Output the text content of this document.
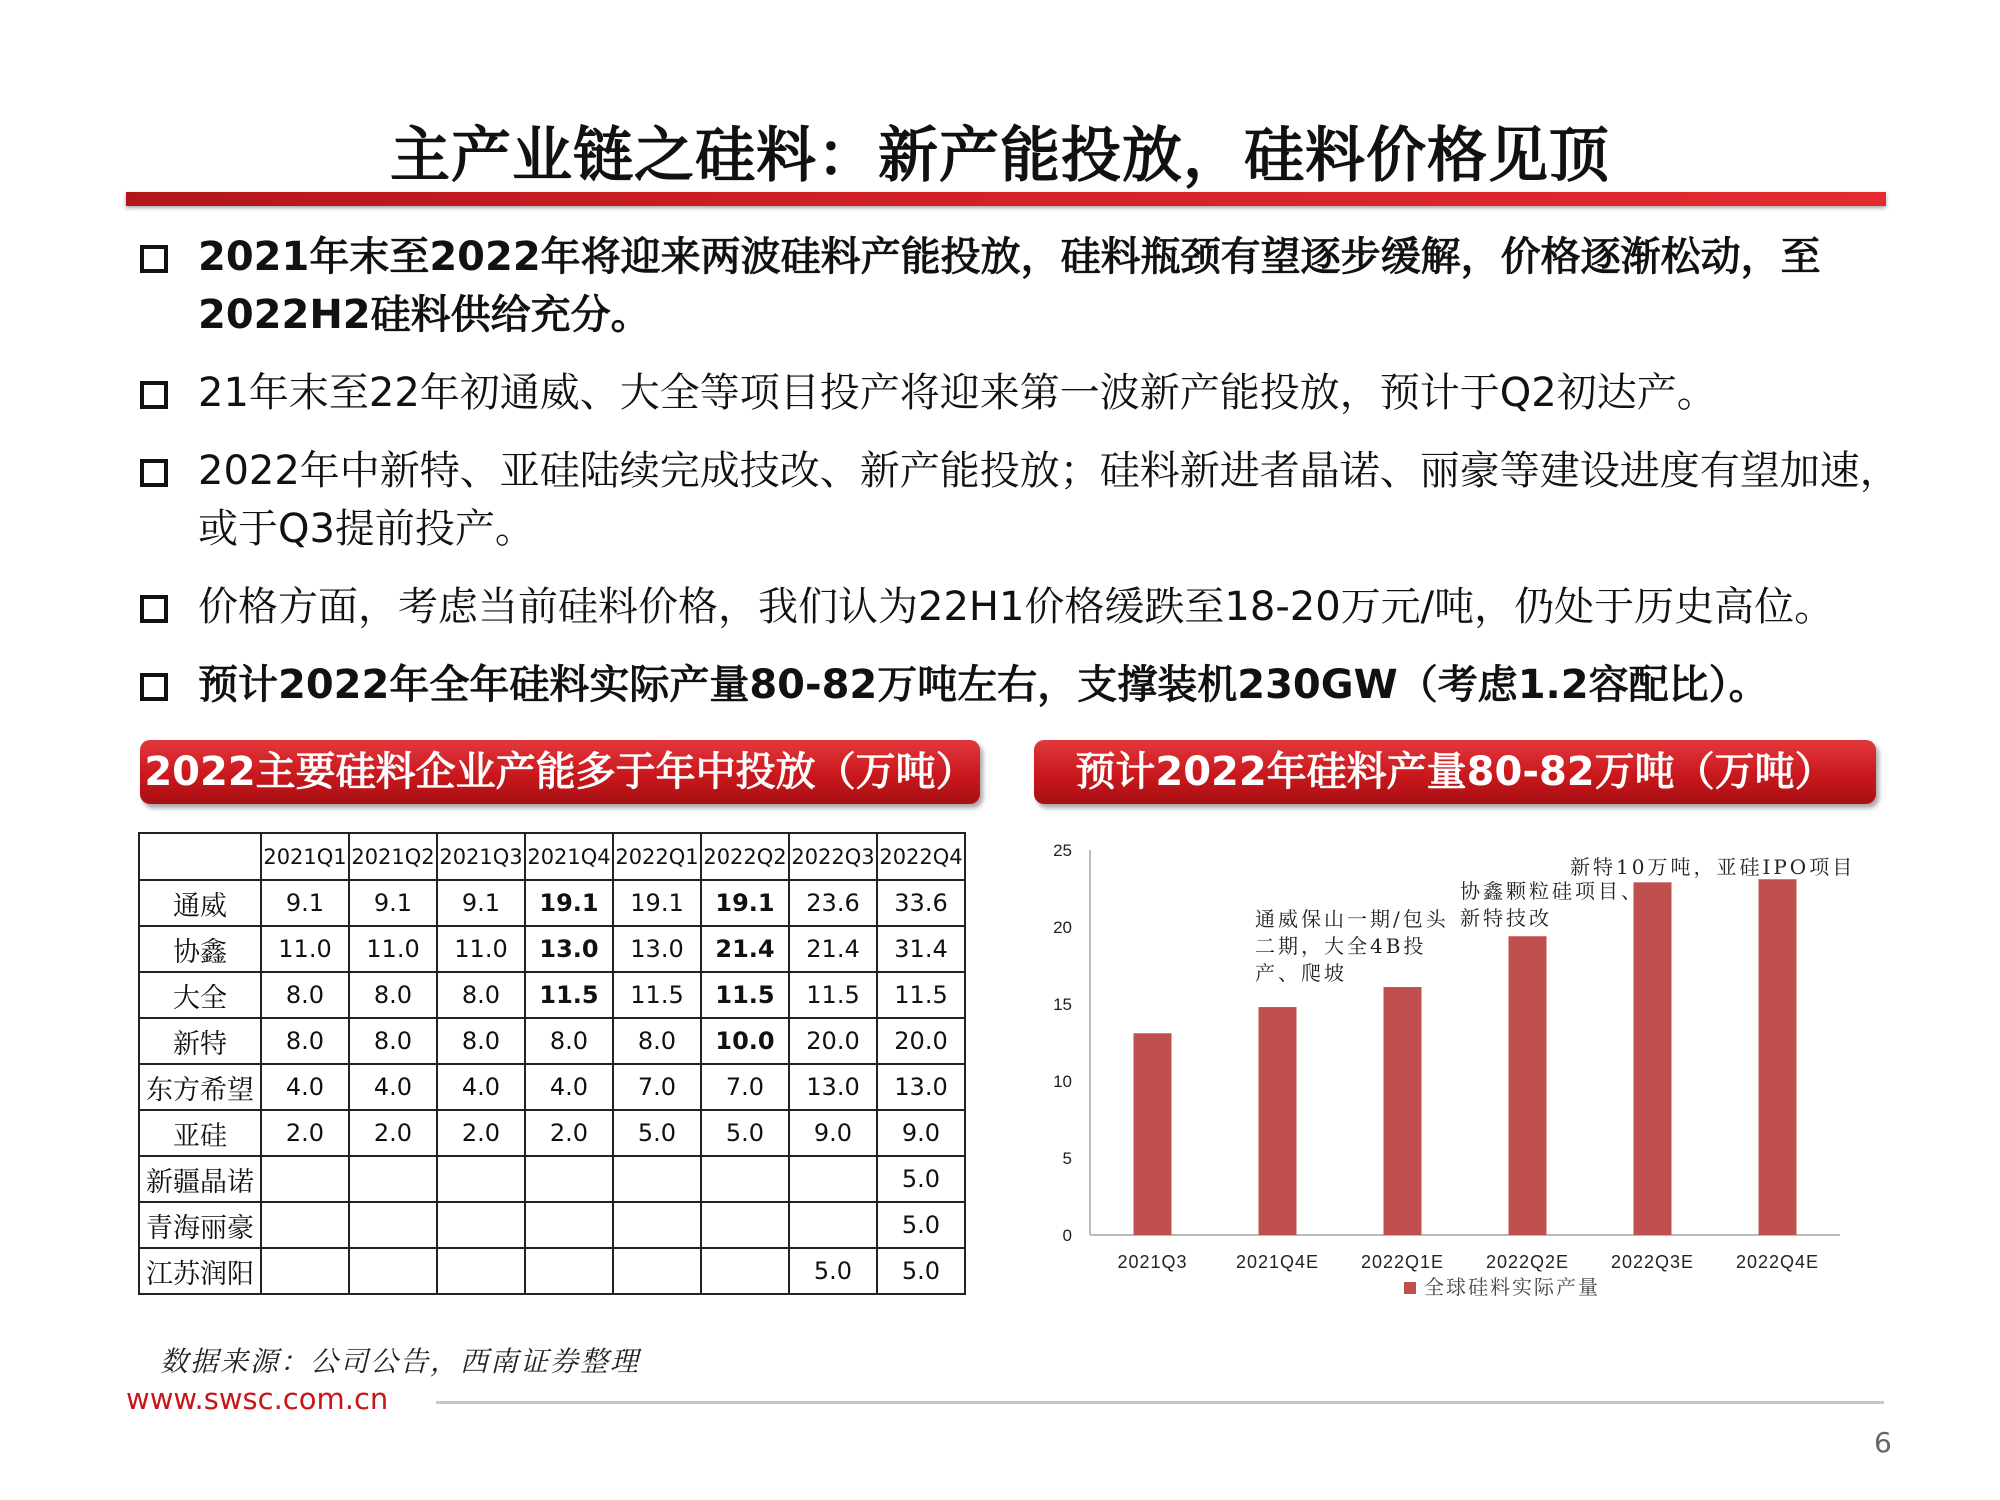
主产业链之硅料：新产能投放，硅料价格见顶
2021年末至2022年将迎来两波硅料产能投放，硅料瓶颈有望逐步缓解，价格逐渐松动，至2022H2硅料供给充分。
21年末至22年初通威、大全等项目投产将迎来第一波新产能投放，预计于Q2初达产。
2022年中新特、亚硅陆续完成技改、新产能投放；硅料新进者晶诺、丽豪等建设进度有望加速，或于Q3提前投产。
价格方面，考虑当前硅料价格，我们认为22H1价格缓跌至18-20万元/吨，仍处于历史高位。
预计2022年全年硅料实际产量80-82万吨左右，支撑装机230GW（考虑1.2容配比）。
2022主要硅料企业产能多于年中投放（万吨）	预计2022年硅料产量80-82万吨（万吨）
	2021Q1	2021Q2	2021Q3	2021Q4	2022Q1	2022Q2	2022Q3	2022Q4
通威	9.1	9.1	9.1	19.1	19.1	19.1	23.6	33.6
协鑫	11.0	11.0	11.0	13.0	13.0	21.4	21.4	31.4
大全	8.0	8.0	8.0	11.5	11.5	11.5	11.5	11.5
新特	8.0	8.0	8.0	8.0	8.0	10.0	20.0	20.0
东方希望	4.0	4.0	4.0	4.0	7.0	7.0	13.0	13.0
亚硅	2.0	2.0	2.0	2.0	5.0	5.0	9.0	9.0
新疆晶诺								5.0
青海丽豪								5.0
江苏润阳							5.0	5.0
0
5
10
15
20
25
2021Q3	2021Q4E 2022Q1E 2022Q2E 2022Q3E 2022Q4E
通威保山一期/包头
二期，大全4B投
产、爬坡
协鑫颗粒硅项目、
新特技改
新特10万吨，亚硅IPO项目
全球硅料实际产量
数据来源：公司公告，西南证券整理
www.swsc.com.cn
6
